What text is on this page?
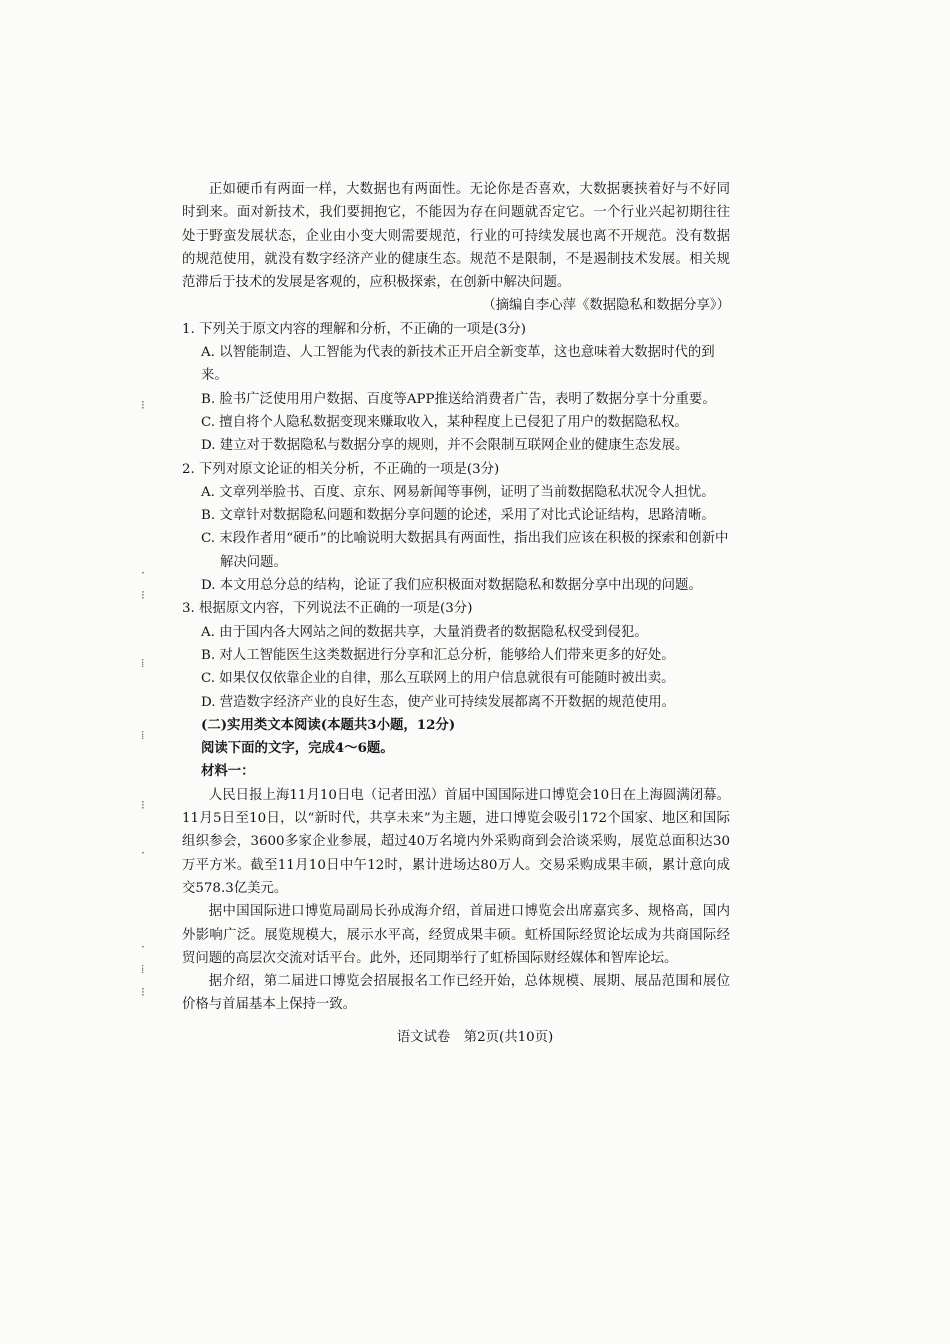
⁝
·
⁝
⁞
⁞
⁝
·
·
⁞
⁝

正如硬币有两面一样，大数据也有两面性。无论你是否喜欢，大数据裹挟着好与不好同时到来。面对新技术，我们要拥抱它，不能因为存在问题就否定它。一个行业兴起初期往往处于野蛮发展状态，企业由小变大则需要规范，行业的可持续发展也离不开规范。没有数据的规范使用，就没有数字经济产业的健康生态。规范不是限制，不是遏制技术发展。相关规范滞后于技术的发展是客观的，应积极探索，在创新中解决问题。

（摘编自李心萍《数据隐私和数据分享》）

1. 下列关于原文内容的理解和分析，不正确的一项是(3分)

A. 以智能制造、人工智能为代表的新技术正开启全新变革，这也意味着大数据时代的到来。

B. 脸书广泛使用用户数据、百度等APP推送给消费者广告，表明了数据分享十分重要。

C. 擅自将个人隐私数据变现来赚取收入，某种程度上已侵犯了用户的数据隐私权。

D. 建立对于数据隐私与数据分享的规则，并不会限制互联网企业的健康生态发展。

2. 下列对原文论证的相关分析，不正确的一项是(3分)

A. 文章列举脸书、百度、京东、网易新闻等事例，证明了当前数据隐私状况令人担忧。

B. 文章针对数据隐私问题和数据分享问题的论述，采用了对比式论证结构，思路清晰。

C. 末段作者用“硬币”的比喻说明大数据具有两面性，指出我们应该在积极的探索和创新中解决问题。

D. 本文用总分总的结构，论证了我们应积极面对数据隐私和数据分享中出现的问题。

3. 根据原文内容，下列说法不正确的一项是(3分)

A. 由于国内各大网站之间的数据共享，大量消费者的数据隐私权受到侵犯。

B. 对人工智能医生这类数据进行分享和汇总分析，能够给人们带来更多的好处。

C. 如果仅仅依靠企业的自律，那么互联网上的用户信息就很有可能随时被出卖。

D. 营造数字经济产业的良好生态，使产业可持续发展都离不开数据的规范使用。

(二)实用类文本阅读(本题共3小题，12分)

阅读下面的文字，完成4～6题。

材料一：

人民日报上海11月10日电（记者田泓）首届中国国际进口博览会10日在上海圆满闭幕。11月5日至10日，以“新时代，共享未来”为主题，进口博览会吸引172个国家、地区和国际组织参会，3600多家企业参展，超过40万名境内外采购商到会洽谈采购，展览总面积达30万平方米。截至11月10日中午12时，累计进场达80万人。交易采购成果丰硕，累计意向成交578.3亿美元。

据中国国际进口博览局副局长孙成海介绍，首届进口博览会出席嘉宾多、规格高，国内外影响广泛。展览规模大，展示水平高，经贸成果丰硕。虹桥国际经贸论坛成为共商国际经贸问题的高层次交流对话平台。此外，还同期举行了虹桥国际财经媒体和智库论坛。

据介绍，第二届进口博览会招展报名工作已经开始，总体规模、展期、展品范围和展位价格与首届基本上保持一致。

语文试卷　第2页(共10页)
